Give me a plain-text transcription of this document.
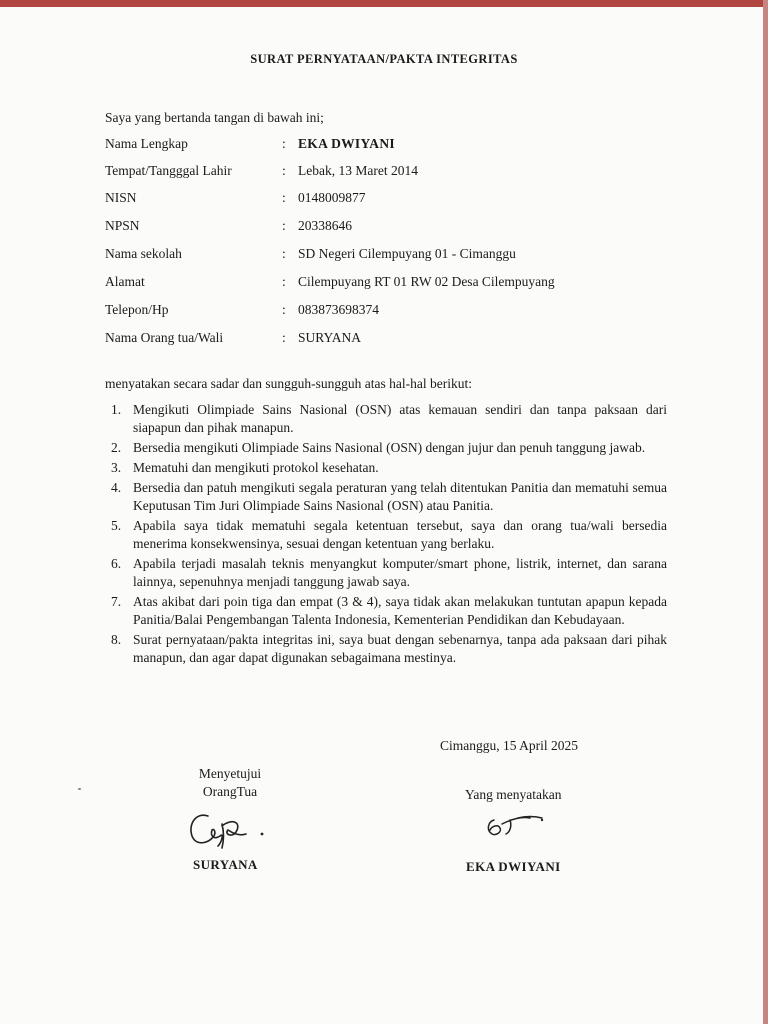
SURAT PERNYATAAN/PAKTA INTEGRITAS
Saya yang bertanda tangan di bawah ini;
Nama Lengkap	: EKA DWIYANI
Tempat/Tangggal Lahir	: Lebak, 13 Maret 2014
NISN	: 0148009877
NPSN	: 20338646
Nama sekolah	: SD Negeri Cilempuyang 01 - Cimanggu
Alamat	: Cilempuyang RT 01 RW 02 Desa Cilempuyang
Telepon/Hp	: 083873698374
Nama Orang tua/Wali	: SURYANA
menyatakan secara sadar dan sungguh-sungguh atas hal-hal berikut:
1. Mengikuti Olimpiade Sains Nasional (OSN) atas kemauan sendiri dan tanpa paksaan dari siapapun dan pihak manapun.
2. Bersedia mengikuti Olimpiade Sains Nasional (OSN) dengan jujur dan penuh tanggung jawab.
3. Mematuhi dan mengikuti protokol kesehatan.
4. Bersedia dan patuh mengikuti segala peraturan yang telah ditentukan Panitia dan mematuhi semua Keputusan Tim Juri Olimpiade Sains Nasional (OSN) atau Panitia.
5. Apabila saya tidak mematuhi segala ketentuan tersebut, saya dan orang tua/wali bersedia menerima konsekwensinya, sesuai dengan ketentuan yang berlaku.
6. Apabila terjadi masalah teknis menyangkut komputer/smart phone, listrik, internet, dan sarana lainnya, sepenuhnya menjadi tanggung jawab saya.
7. Atas akibat dari poin tiga dan empat (3 & 4), saya tidak akan melakukan tuntutan apapun kepada Panitia/Balai Pengembangan Talenta Indonesia, Kementerian Pendidikan dan Kebudayaan.
8. Surat pernyataan/pakta integritas ini, saya buat dengan sebenarnya, tanpa ada paksaan dari pihak manapun, dan agar dapat digunakan sebagaimana mestinya.
Cimanggu, 15 April 2025
Menyetujui
OrangTua	Yang menyatakan
SURYANA	EKA DWIYANI
